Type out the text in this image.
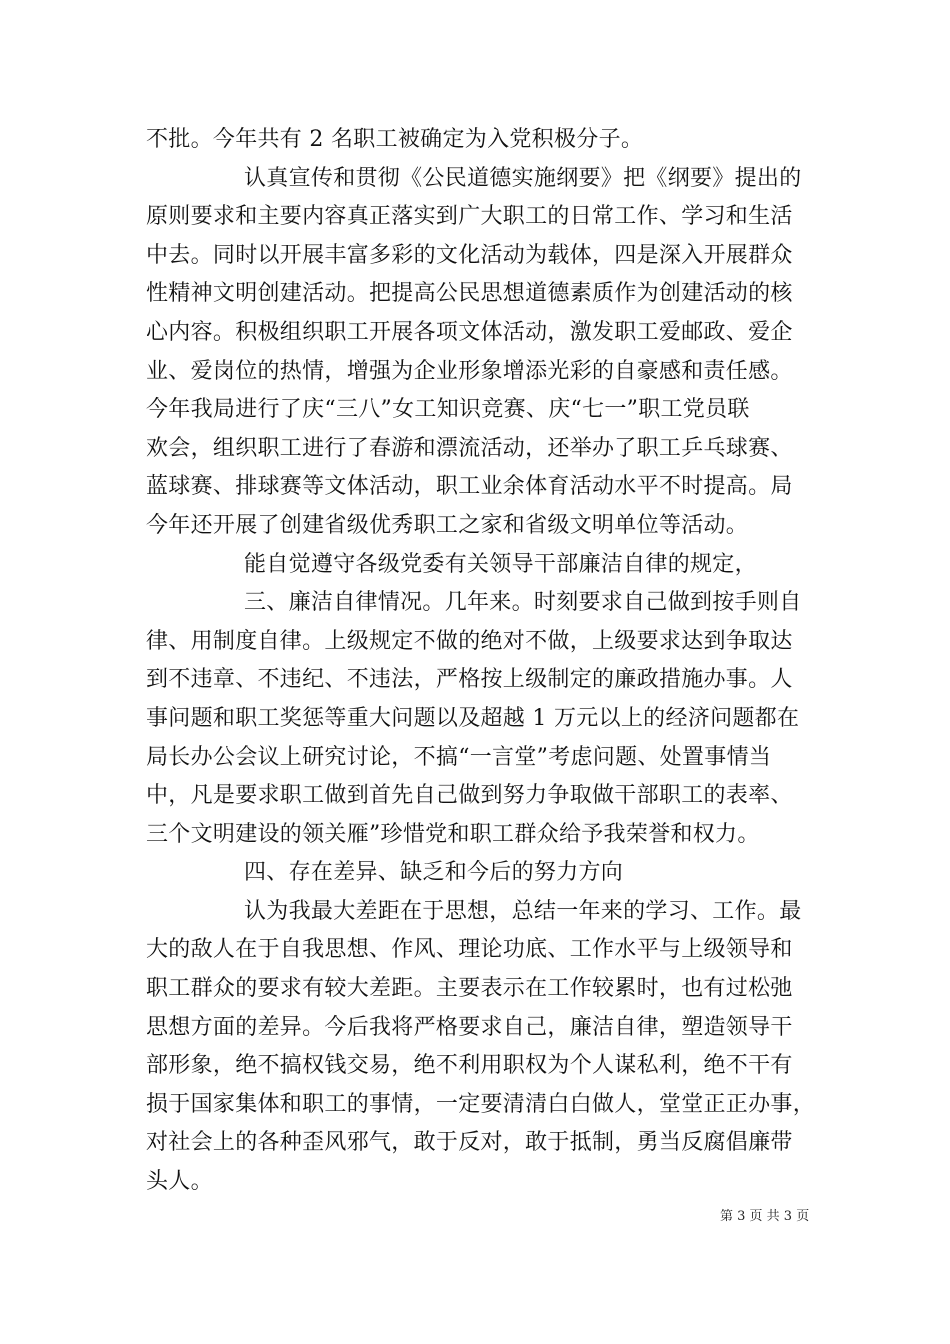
不批。今年共有 2 名职工被确定为入党积极分子。
认真宣传和贯彻《公民道德实施纲要》把《纲要》提出的
原则要求和主要内容真正落实到广大职工的日常工作、学习和生活
中去。同时以开展丰富多彩的文化活动为载体，四是深入开展群众
性精神文明创建活动。把提高公民思想道德素质作为创建活动的核
心内容。积极组织职工开展各项文体活动，激发职工爱邮政、爱企
业、爱岗位的热情，增强为企业形象增添光彩的自豪感和责任感。
今年我局进行了庆“三八”女工知识竞赛、庆“七一”职工党员联
欢会，组织职工进行了春游和漂流活动，还举办了职工乒乓球赛、
蓝球赛、排球赛等文体活动，职工业余体育活动水平不时提高。局
今年还开展了创建省级优秀职工之家和省级文明单位等活动。
能自觉遵守各级党委有关领导干部廉洁自律的规定，
三、廉洁自律情况。几年来。时刻要求自己做到按手则自
律、用制度自律。上级规定不做的绝对不做，上级要求达到争取达
到不违章、不违纪、不违法，严格按上级制定的廉政措施办事。人
事问题和职工奖惩等重大问题以及超越 1 万元以上的经济问题都在
局长办公会议上研究讨论，不搞“一言堂”考虑问题、处置事情当
中，凡是要求职工做到首先自己做到努力争取做干部职工的表率、
三个文明建设的领关雁”珍惜党和职工群众给予我荣誉和权力。
四、存在差异、缺乏和今后的努力方向
认为我最大差距在于思想，总结一年来的学习、工作。最
大的敌人在于自我思想、作风、理论功底、工作水平与上级领导和
职工群众的要求有较大差距。主要表示在工作较累时，也有过松弛
思想方面的差异。今后我将严格要求自己，廉洁自律，塑造领导干
部形象，绝不搞权钱交易，绝不利用职权为个人谋私利，绝不干有
损于国家集体和职工的事情，一定要清清白白做人，堂堂正正办事，
对社会上的各种歪风邪气，敢于反对，敢于抵制，勇当反腐倡廉带
头人。
第 3 页 共 3 页
